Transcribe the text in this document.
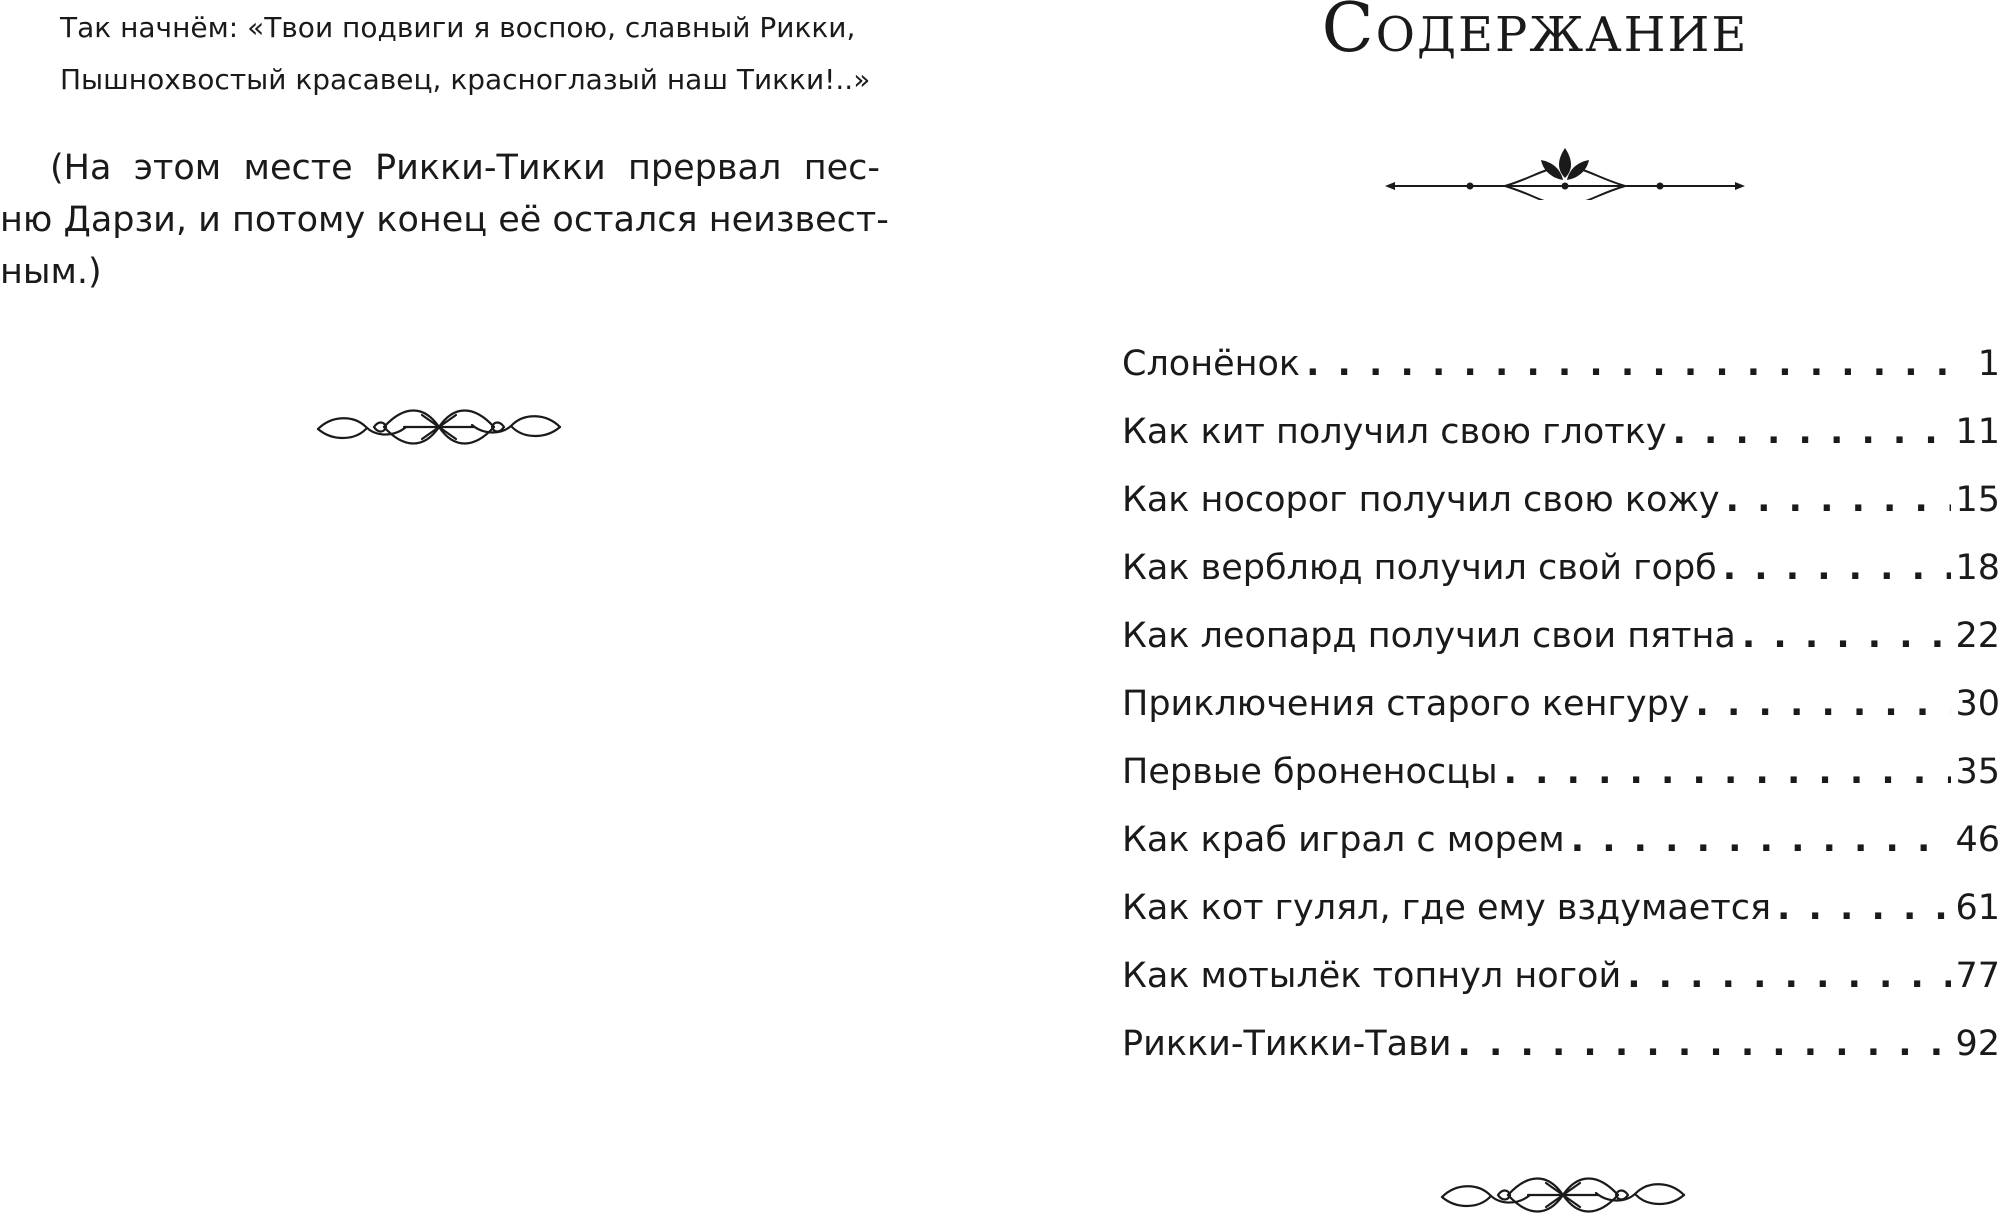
Так начнём: «Твои подвиги я воспою, славный Рикки,
Пышнохвостый красавец, красноглазый наш Тикки!..»
(На этом месте Рикки-Тикки прервал пес-
ню Дарзи, и потому конец её остался неизвест-
ным.)
Содержание
Слонёнок . . .	1
Как кит получил свою глотку . . .	11
Как носорог получил свою кожу . . .	15
Как верблюд получил свой горб . . .	18
Как леопард получил свои пятна . . .	22
Приключения старого кенгуру . . .	30
Первые броненосцы . . .	35
Как краб играл с морем . . .	46
Как кот гулял, где ему вздумается . . .	61
Как мотылёк топнул ногой . . .	77
Рикки-Тикки-Тави . . .	92
